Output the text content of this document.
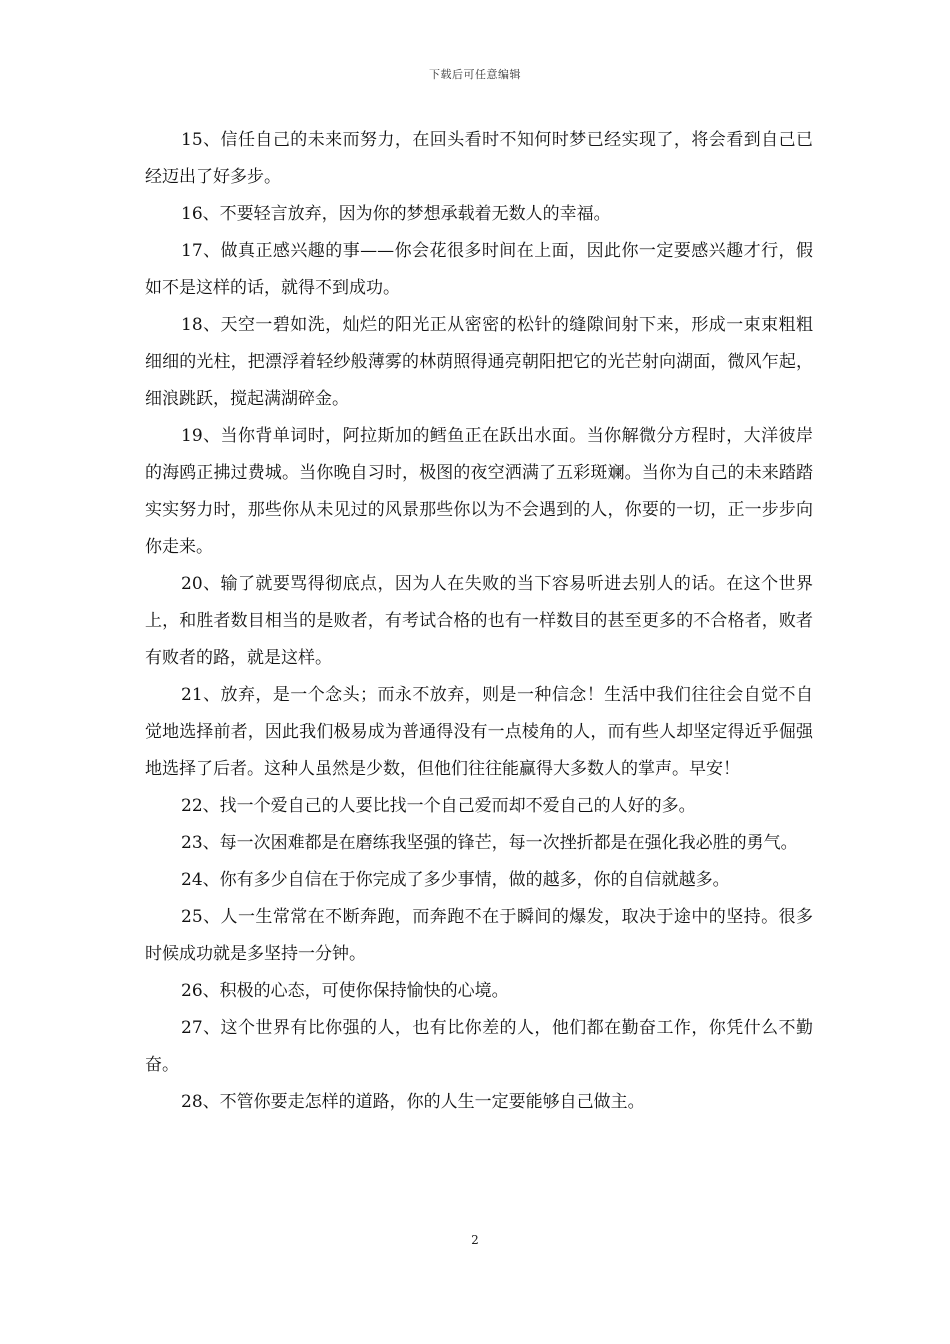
下载后可任意编辑

15、信任自己的未来而努力，在回头看时不知何时梦已经实现了，将会看到自己已经迈出了好多步。

16、不要轻言放弃，因为你的梦想承载着无数人的幸福。

17、做真正感兴趣的事——你会花很多时间在上面，因此你一定要感兴趣才行，假如不是这样的话，就得不到成功。

18、天空一碧如洗，灿烂的阳光正从密密的松针的缝隙间射下来，形成一束束粗粗细细的光柱，把漂浮着轻纱般薄雾的林荫照得通亮朝阳把它的光芒射向湖面，微风乍起，细浪跳跃，搅起满湖碎金。

19、当你背单词时，阿拉斯加的鳕鱼正在跃出水面。当你解微分方程时，大洋彼岸的海鸥正拂过费城。当你晚自习时，极图的夜空洒满了五彩斑斓。当你为自己的未来踏踏实实努力时，那些你从未见过的风景那些你以为不会遇到的人，你要的一切，正一步步向你走来。

20、输了就要骂得彻底点，因为人在失败的当下容易听进去别人的话。在这个世界上，和胜者数目相当的是败者，有考试合格的也有一样数目的甚至更多的不合格者，败者有败者的路，就是这样。

21、放弃，是一个念头；而永不放弃，则是一种信念！生活中我们往往会自觉不自觉地选择前者，因此我们极易成为普通得没有一点棱角的人，而有些人却坚定得近乎倔强地选择了后者。这种人虽然是少数，但他们往往能赢得大多数人的掌声。早安！

22、找一个爱自己的人要比找一个自己爱而却不爱自己的人好的多。

23、每一次困难都是在磨练我坚强的锋芒，每一次挫折都是在强化我必胜的勇气。

24、你有多少自信在于你完成了多少事情，做的越多，你的自信就越多。

25、人一生常常在不断奔跑，而奔跑不在于瞬间的爆发，取决于途中的坚持。很多时候成功就是多坚持一分钟。

26、积极的心态，可使你保持愉快的心境。

27、这个世界有比你强的人，也有比你差的人，他们都在勤奋工作，你凭什么不勤奋。

28、不管你要走怎样的道路，你的人生一定要能够自己做主。

2
